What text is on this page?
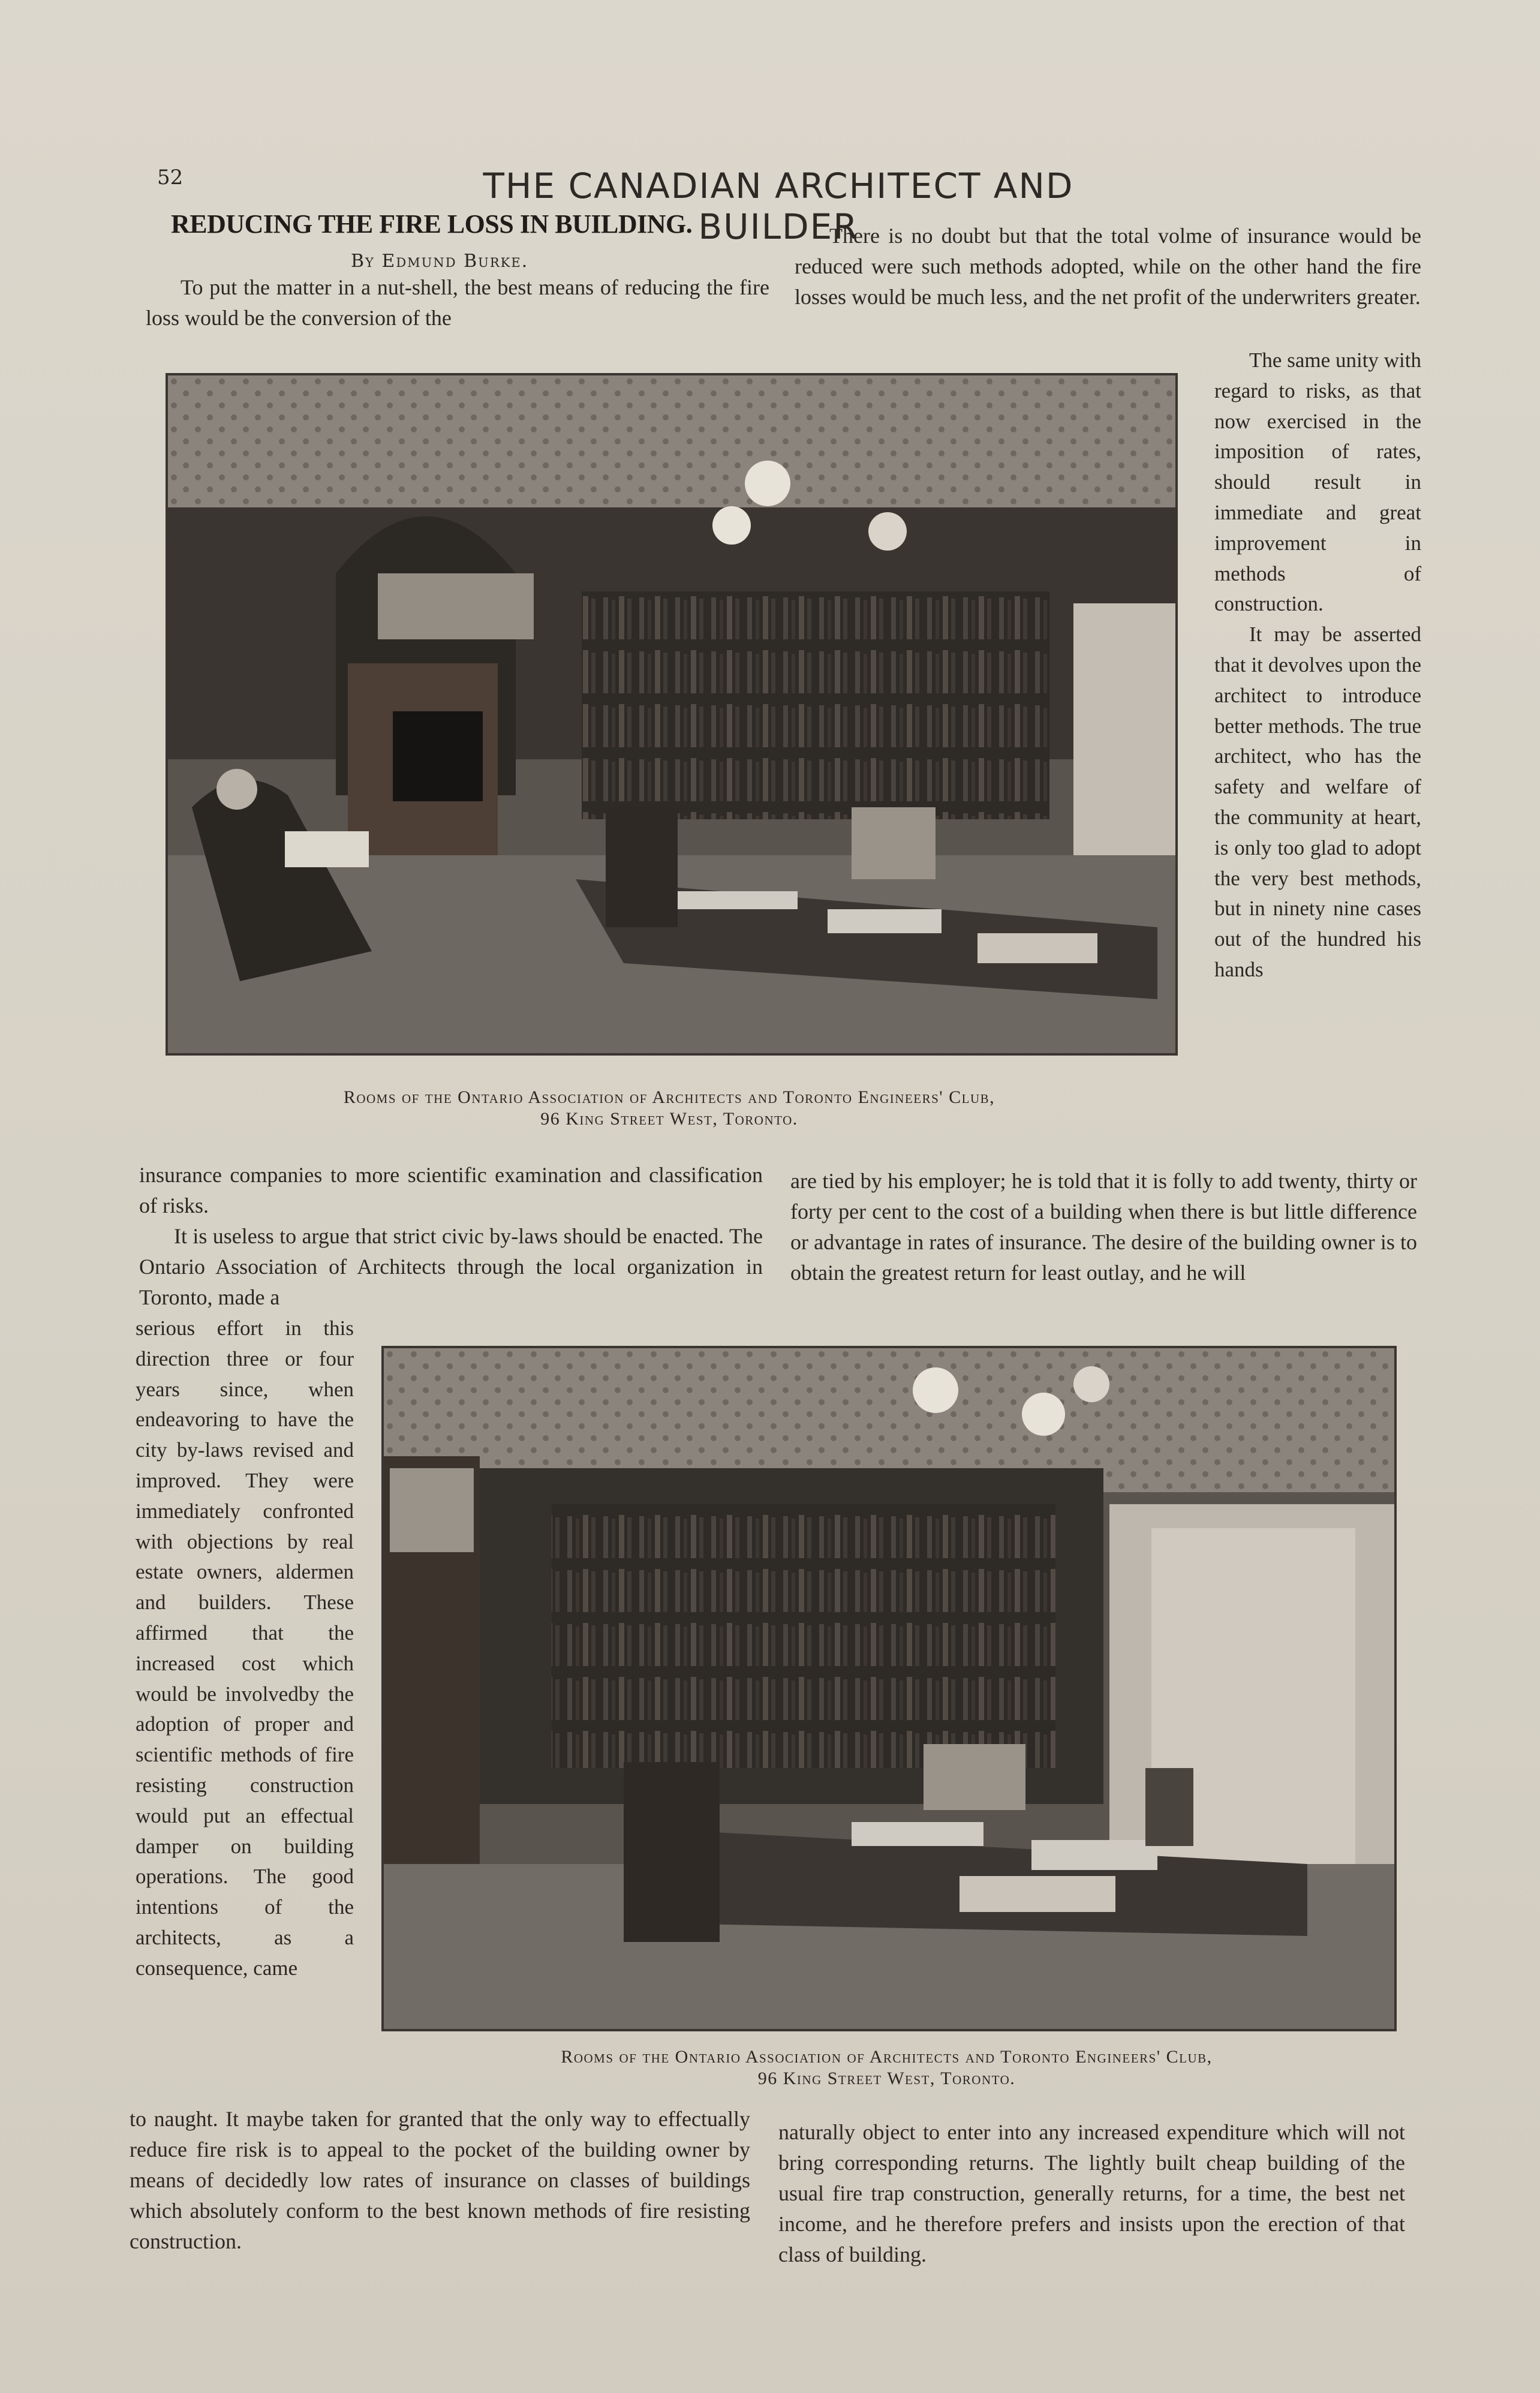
52	THE CANADIAN ARCHITECT AND BUILDER
REDUCING THE FIRE LOSS IN BUILDING.
By Edmund Burke.

To put the matter in a nut-shell, the best means of reducing the fire loss would be the conversion of the

There is no doubt but that the total volme of insurance would be reduced were such methods adopted, while on the other hand the fire losses would be much less, and the net profit of the underwriters greater.

Rooms of the Ontario Association of Architects and Toronto Engineers' Club,
96 King Street West, Toronto.

The same unity with regard to risks, as that now exercised in the imposition of rates, should result in immediate and great improvement in methods of construction.

It may be asserted that it devolves upon the architect to introduce better methods. The true architect, who has the safety and welfare of the community at heart, is only too glad to adopt the very best methods, but in ninety nine cases out of the hundred his hands

insurance companies to more scientific examination and classification of risks.

It is useless to argue that strict civic by-laws should be enacted. The Ontario Association of Architects through the local organization in Toronto, made a

are tied by his employer; he is told that it is folly to add twenty, thirty or forty per cent to the cost of a building when there is but little difference or advantage in rates of insurance. The desire of the building owner is to obtain the greatest return for least outlay, and he will

serious effort in this direction three or four years since, when endeavoring to have the city by-laws revised and improved. They were immediately confronted with objections by real estate owners, aldermen and builders. These affirmed that the increased cost which would be involvedby the adoption of proper and scientific methods of fire resisting construction would put an effectual damper on building operations. The good intentions of the architects, as a consequence, came

Rooms of the Ontario Association of Architects and Toronto Engineers' Club,
96 King Street West, Toronto.

to naught. It maybe taken for granted that the only way to effectually reduce fire risk is to appeal to the pocket of the building owner by means of decidedly low rates of insurance on classes of buildings which absolutely conform to the best known methods of fire resisting construction.

naturally object to enter into any increased expenditure which will not bring corresponding returns. The lightly built cheap building of the usual fire trap construction, generally returns, for a time, the best net income, and he therefore prefers and insists upon the erection of that class of building.
